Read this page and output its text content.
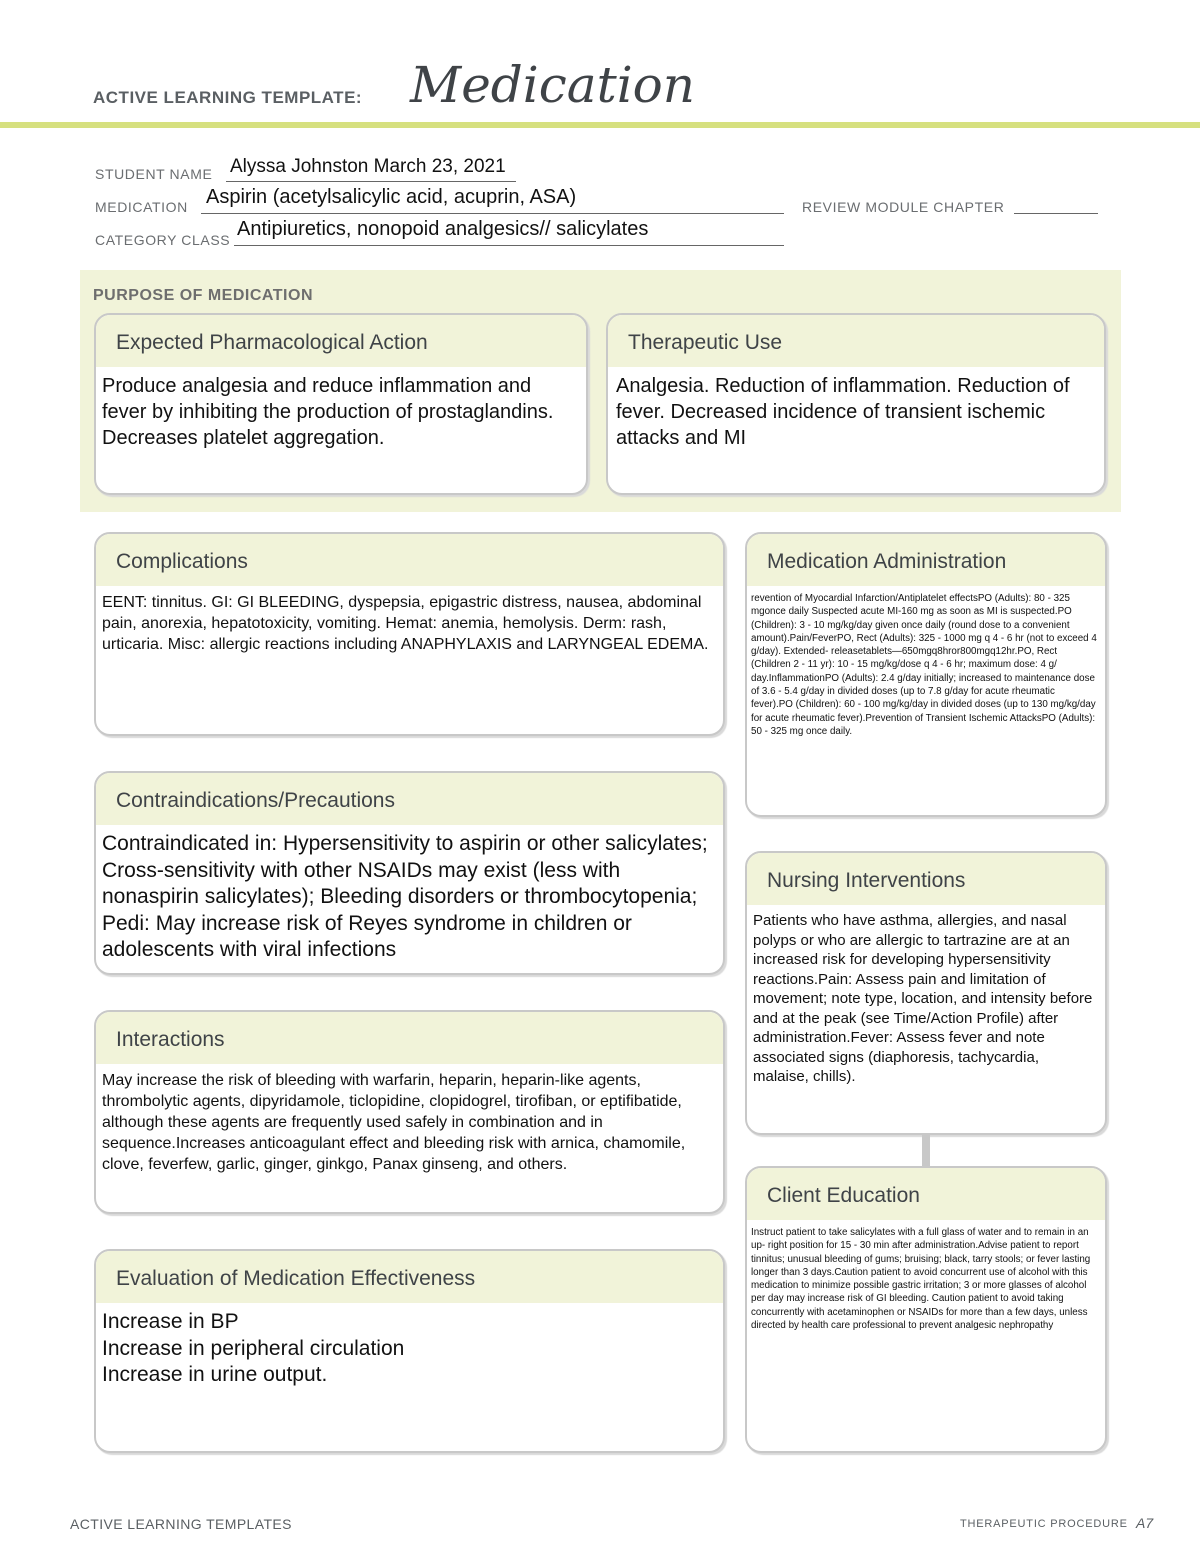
ACTIVE LEARNING TEMPLATE: Medication
STUDENT NAME Alyssa Johnston March 23, 2021
MEDICATION Aspirin (acetylsalicylic acid, acuprin, ASA)	REVIEW MODULE CHAPTER
CATEGORY CLASS Antipiuretics, nonopoid analgesics// salicylates
PURPOSE OF MEDICATION
Expected Pharmacological Action
Produce analgesia and reduce inflammation and fever by inhibiting the production of prostaglandins. Decreases platelet aggregation.
Therapeutic Use
Analgesia. Reduction of inflammation. Reduction of fever. Decreased incidence of transient ischemic attacks and MI
Complications
EENT: tinnitus. GI: GI BLEEDING, dyspepsia, epigastric distress, nausea, abdominal pain, anorexia, hepatotoxicity, vomiting. Hemat: anemia, hemolysis. Derm: rash, urticaria. Misc: allergic reactions including ANAPHYLAXIS and LARYNGEAL EDEMA.
Contraindications/Precautions
Contraindicated in: Hypersensitivity to aspirin or other salicylates; Cross-sensitivity with other NSAIDs may exist (less with nonaspirin salicylates); Bleeding disorders or thrombocytopenia; Pedi: May increase risk of Reyes syndrome in children or adolescents with viral infections
Interactions
May increase the risk of bleeding with warfarin, heparin, heparin-like agents, thrombolytic agents, dipyridamole, ticlopidine, clopidogrel, tirofiban, or eptifibatide, although these agents are frequently used safely in combination and in sequence.Increases anticoagulant effect and bleeding risk with arnica, chamomile, clove, feverfew, garlic, ginger, ginkgo, Panax ginseng, and others.
Evaluation of Medication Effectiveness
Increase in BP
Increase in peripheral circulation
Increase in urine output.
Medication Administration
revention of Myocardial Infarction/Antiplatelet effectsPO (Adults): 80 - 325 mgonce daily Suspected acute MI-160 mg as soon as MI is suspected.PO (Children): 3 - 10 mg/kg/day given once daily (round dose to a convenient amount).Pain/FeverPO, Rect (Adults): 325 - 1000 mg q 4 - 6 hr (not to exceed 4 g/day). Extended- releasetablets—650mgq8hror800mgq12hr.PO, Rect (Children 2 - 11 yr): 10 - 15 mg/kg/dose q 4 - 6 hr; maximum dose: 4 g/ day.InflammationPO (Adults): 2.4 g/day initially; increased to maintenance dose of 3.6 - 5.4 g/day in divided doses (up to 7.8 g/day for acute rheumatic fever).PO (Children): 60 - 100 mg/kg/day in divided doses (up to 130 mg/kg/day for acute rheumatic fever).Prevention of Transient Ischemic AttacksPO (Adults): 50 - 325 mg once daily.
Nursing Interventions
Patients who have asthma, allergies, and nasal polyps or who are allergic to tartrazine are at an increased risk for developing hypersensitivity reactions.Pain: Assess pain and limitation of movement; note type, location, and intensity before and at the peak (see Time/Action Profile) after administration.Fever: Assess fever and note associated signs (diaphoresis, tachycardia, malaise, chills).
Client Education
Instruct patient to take salicylates with a full glass of water and to remain in an up- right position for 15 - 30 min after administration.Advise patient to report tinnitus; unusual bleeding of gums; bruising; black, tarry stools; or fever lasting longer than 3 days.Caution patient to avoid concurrent use of alcohol with this medication to minimize possible gastric irritation; 3 or more glasses of alcohol per day may increase risk of GI bleeding. Caution patient to avoid taking concurrently with acetaminophen or NSAIDs for more than a few days, unless directed by health care professional to prevent analgesic nephropathy
ACTIVE LEARNING TEMPLATES	THERAPEUTIC PROCEDURE A7
